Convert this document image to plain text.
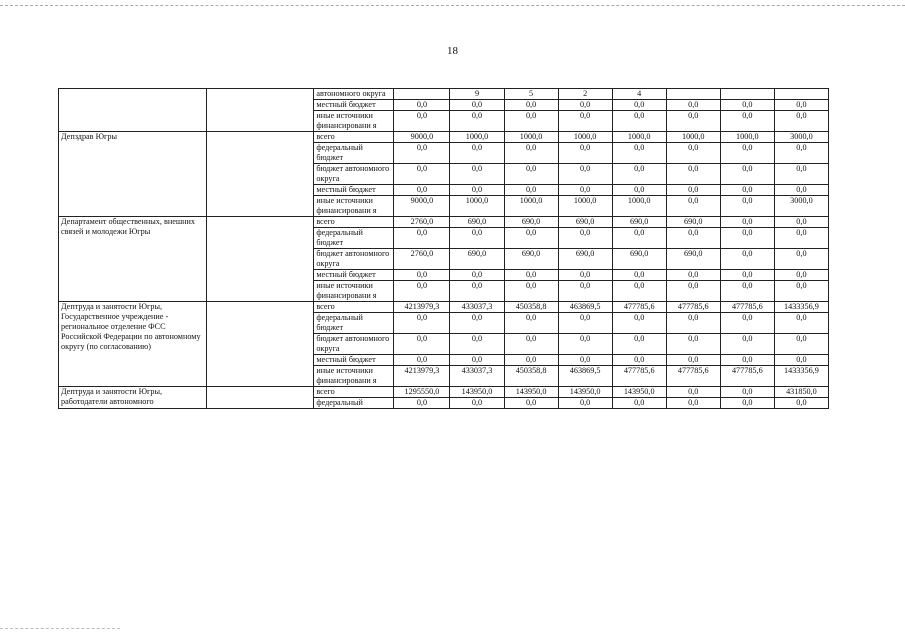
18
		автономного округа		9	5	2	4			
		местный бюджет	0,0	0,0	0,0	0,0	0,0	0,0	0,0	0,0
		иные источники финансировани я	0,0	0,0	0,0	0,0	0,0	0,0	0,0	0,0
Депздрав Югры		всего	9000,0	1000,0	1000,0	1000,0	1000,0	1000,0	1000,0	3000,0
		федеральный бюджет	0,0	0,0	0,0	0,0	0,0	0,0	0,0	0,0
		бюджет автономного округа	0,0	0,0	0,0	0,0	0,0	0,0	0,0	0,0
		местный бюджет	0,0	0,0	0,0	0,0	0,0	0,0	0,0	0,0
		иные источники финансировани я	9000,0	1000,0	1000,0	1000,0	1000,0	0,0	0,0	3000,0
Департамент общественных, внешних связей и молодежи Югры		всего	2760,0	690,0	690,0	690,0	690,0	690,0	0,0	0,0
		федеральный бюджет	0,0	0,0	0,0	0,0	0,0	0,0	0,0	0,0
		бюджет автономного округа	2760,0	690,0	690,0	690,0	690,0	690,0	0,0	0,0
		местный бюджет	0,0	0,0	0,0	0,0	0,0	0,0	0,0	0,0
		иные источники финансировани я	0,0	0,0	0,0	0,0	0,0	0,0	0,0	0,0
Дептруда и занятости Югры, Государственное учреждение - региональное отделение ФСС Российской Федерации по автономному округу (по согласованию)		всего	4213979,3	433037,3	450358,8	463869,5	477785,6	477785,6	477785,6	1433356,9
		федеральный бюджет	0,0	0,0	0,0	0,0	0,0	0,0	0,0	0,0
		бюджет автономного округа	0,0	0,0	0,0	0,0	0,0	0,0	0,0	0,0
		местный бюджет	0,0	0,0	0,0	0,0	0,0	0,0	0,0	0,0
		иные источники финансировани я	4213979,3	433037,3	450358,8	463869,5	477785,6	477785,6	477785,6	1433356,9
Дептруда и занятости Югры, работодатели автономного		всего	1295550,0	143950,0	143950,0	143950,0	143950,0	0,0	0,0	431850,0
		федеральный	0,0	0,0	0,0	0,0	0,0	0,0	0,0	0,0
